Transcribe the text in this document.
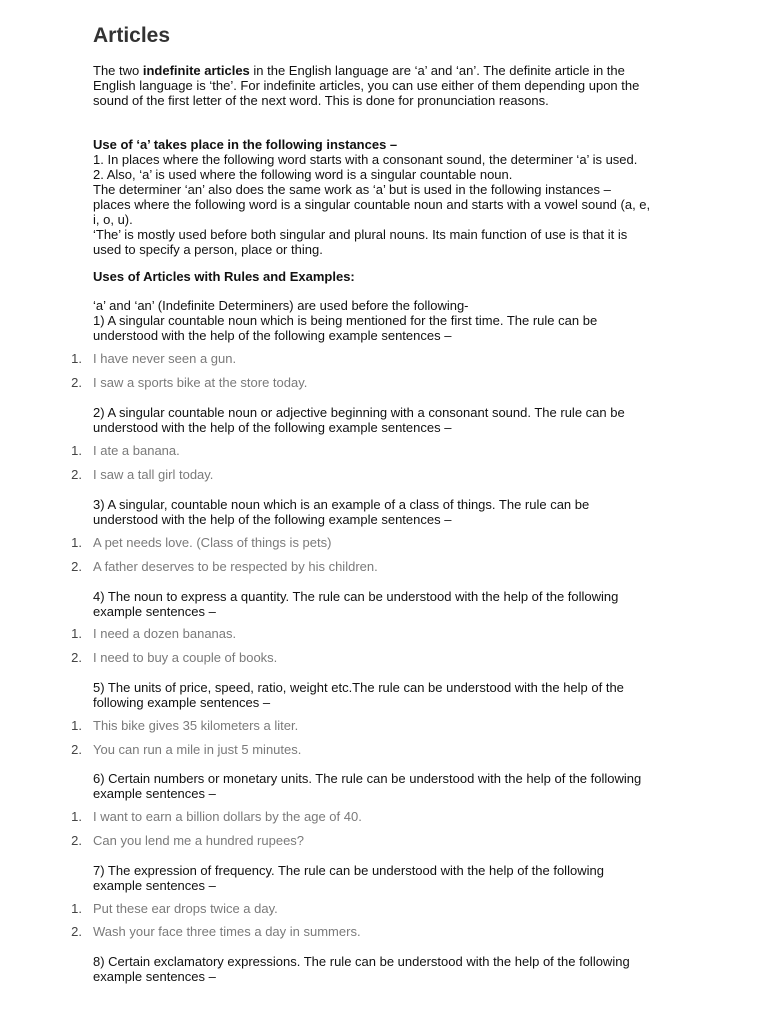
Articles

The two indefinite articles in the English language are ‘a’ and ‘an’. The definite article in the
English language is ‘the’. For indefinite articles, you can use either of them depending upon the
sound of the first letter of the next word. This is done for pronunciation reasons.

Use of ‘a’ takes place in the following instances –
1. In places where the following word starts with a consonant sound, the determiner ‘a’ is used.
2. Also, ‘a’ is used where the following word is a singular countable noun.
The determiner ‘an’ also does the same work as ‘a’ but is used in the following instances –
places where the following word is a singular countable noun and starts with a vowel sound (a, e,
i, o, u).
‘The’ is mostly used before both singular and plural nouns. Its main function of use is that it is
used to specify a person, place or thing.
Uses of Articles with Rules and Examples:
‘a’ and ‘an’ (Indefinite Determiners) are used before the following-
1) A singular countable noun which is being mentioned for the first time. The rule can be
understood with the help of the following example sentences –
1 . I have never seen a gun.
2 . I saw a sports bike at the store today.
2) A singular countable noun or adjective beginning with a consonant sound. The rule can be
understood with the help of the following example sentences –
1 . I ate a banana.
2 . I saw a tall girl today.
3) A singular, countable noun which is an example of a class of things. The rule can be
understood with the help of the following example sentences –
1 . A pet needs love. (Class of things is pets)
2 . A father deserves to be respected by his children.
4) The noun to express a quantity. The rule can be understood with the help of the following
example sentences –
1 . I need a dozen bananas.
2 . I need to buy a couple of books.
5) The units of price, speed, ratio, weight etc.The rule can be understood with the help of the
following example sentences –
1 . This bike gives 35 kilometers a liter.
2 . You can run a mile in just 5 minutes.
6) Certain numbers or monetary units. The rule can be understood with the help of the following
example sentences –
1 . I want to earn a billion dollars by the age of 40.
2 . Can you lend me a hundred rupees?
7) The expression of frequency. The rule can be understood with the help of the following
example sentences –
1 . Put these ear drops twice a day.
2 . Wash your face three times a day in summers.
8) Certain exclamatory expressions. The rule can be understood with the help of the following
example sentences –
